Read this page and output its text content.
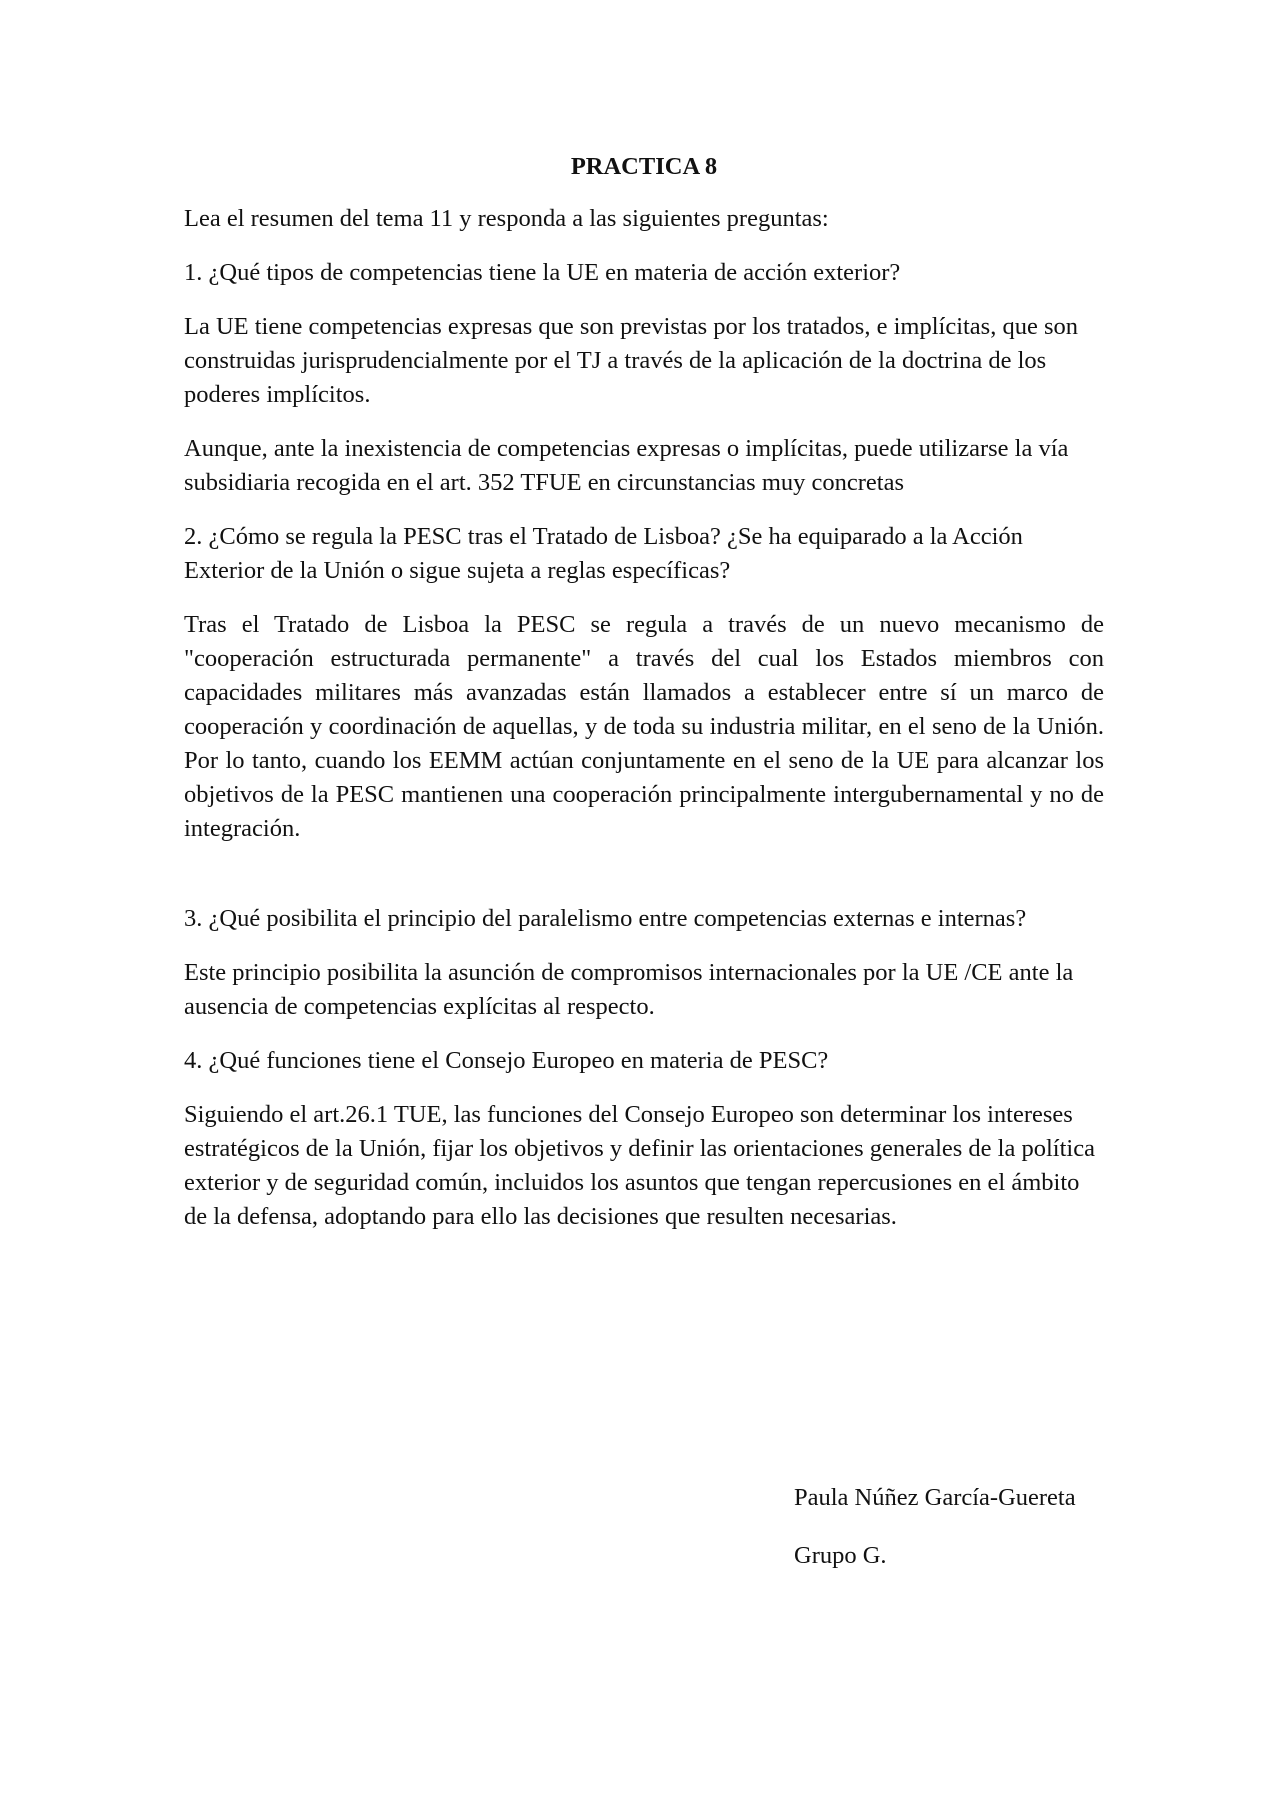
PRACTICA 8

Lea el resumen del tema 11 y responda a las siguientes preguntas:

1. ¿Qué tipos de competencias tiene la UE en materia de acción exterior?

La UE tiene competencias expresas que son previstas por los tratados, e implícitas, que son construidas jurisprudencialmente por el TJ a través de la aplicación de la doctrina de los poderes implícitos.

Aunque, ante la inexistencia de competencias expresas o implícitas, puede utilizarse la vía subsidiaria recogida en el art. 352 TFUE en circunstancias muy concretas

2. ¿Cómo se regula la PESC tras el Tratado de Lisboa? ¿Se ha equiparado a la Acción Exterior de la Unión o sigue sujeta a reglas específicas?

Tras el Tratado de Lisboa la PESC se regula a través de un nuevo mecanismo de "cooperación estructurada permanente" a través del cual los Estados miembros con capacidades militares más avanzadas están llamados a establecer entre sí un marco de cooperación y coordinación de aquellas, y de toda su industria militar, en el seno de la Unión. Por lo tanto, cuando los EEMM actúan conjuntamente en el seno de la UE para alcanzar los objetivos de la PESC mantienen una cooperación principalmente intergubernamental y no de integración.

3. ¿Qué posibilita el principio del paralelismo entre competencias externas e internas?

Este principio posibilita la asunción de compromisos internacionales por la UE /CE ante la ausencia de competencias explícitas al respecto.

4. ¿Qué funciones tiene el Consejo Europeo en materia de PESC?

Siguiendo el art.26.1 TUE, las funciones del Consejo Europeo son determinar los intereses estratégicos de la Unión, fijar los objetivos y definir las orientaciones generales de la política exterior y de seguridad común, incluidos los asuntos que tengan repercusiones en el ámbito de la defensa, adoptando para ello las decisiones que resulten necesarias.

Paula Núñez García-Guereta

Grupo G.
